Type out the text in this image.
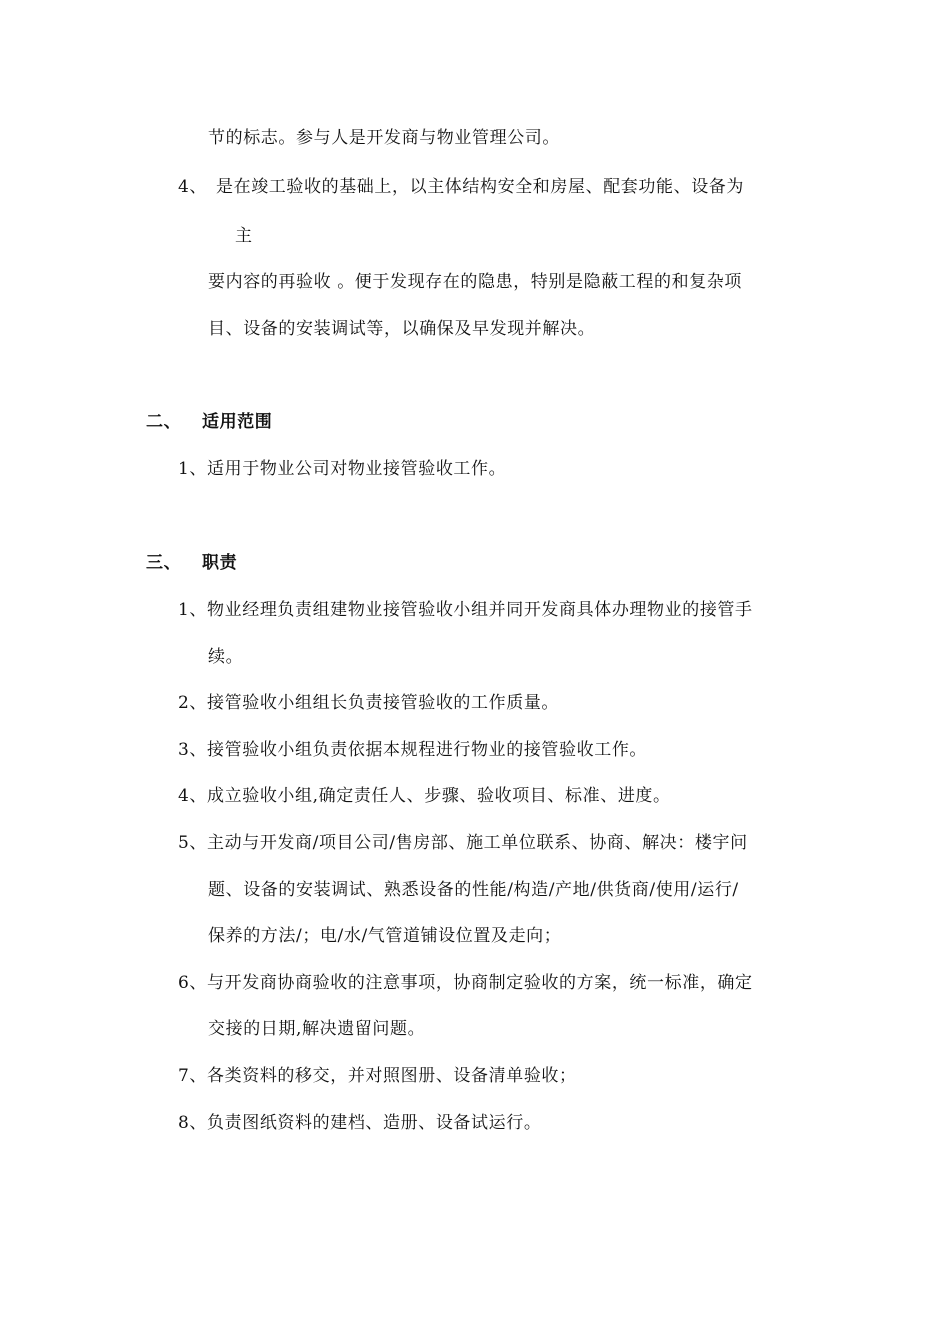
节的标志。参与人是开发商与物业管理公司。
4、 是在竣工验收的基础上，以主体结构安全和房屋、配套功能、设备为
主
要内容的再验收 。便于发现存在的隐患，特别是隐蔽工程的和复杂项
目、设备的安装调试等，以确保及早发现并解决。
二、 适用范围
1、适用于物业公司对物业接管验收工作。
三、 职责
1、物业经理负责组建物业接管验收小组并同开发商具体办理物业的接管手
续。
2、接管验收小组组长负责接管验收的工作质量。
3、接管验收小组负责依据本规程进行物业的接管验收工作。
4、成立验收小组,确定责任人、步骤、验收项目、标准、进度。
5、主动与开发商/项目公司/售房部、施工单位联系、协商、解决：楼宇问
题、设备的安装调试、熟悉设备的性能/构造/产地/供货商/使用/运行/
保养的方法/；电/水/气管道铺设位置及走向；
6、与开发商协商验收的注意事项，协商制定验收的方案，统一标准，确定
交接的日期,解决遗留问题。
7、各类资料的移交，并对照图册、设备清单验收；
8、负责图纸资料的建档、造册、设备试运行。
